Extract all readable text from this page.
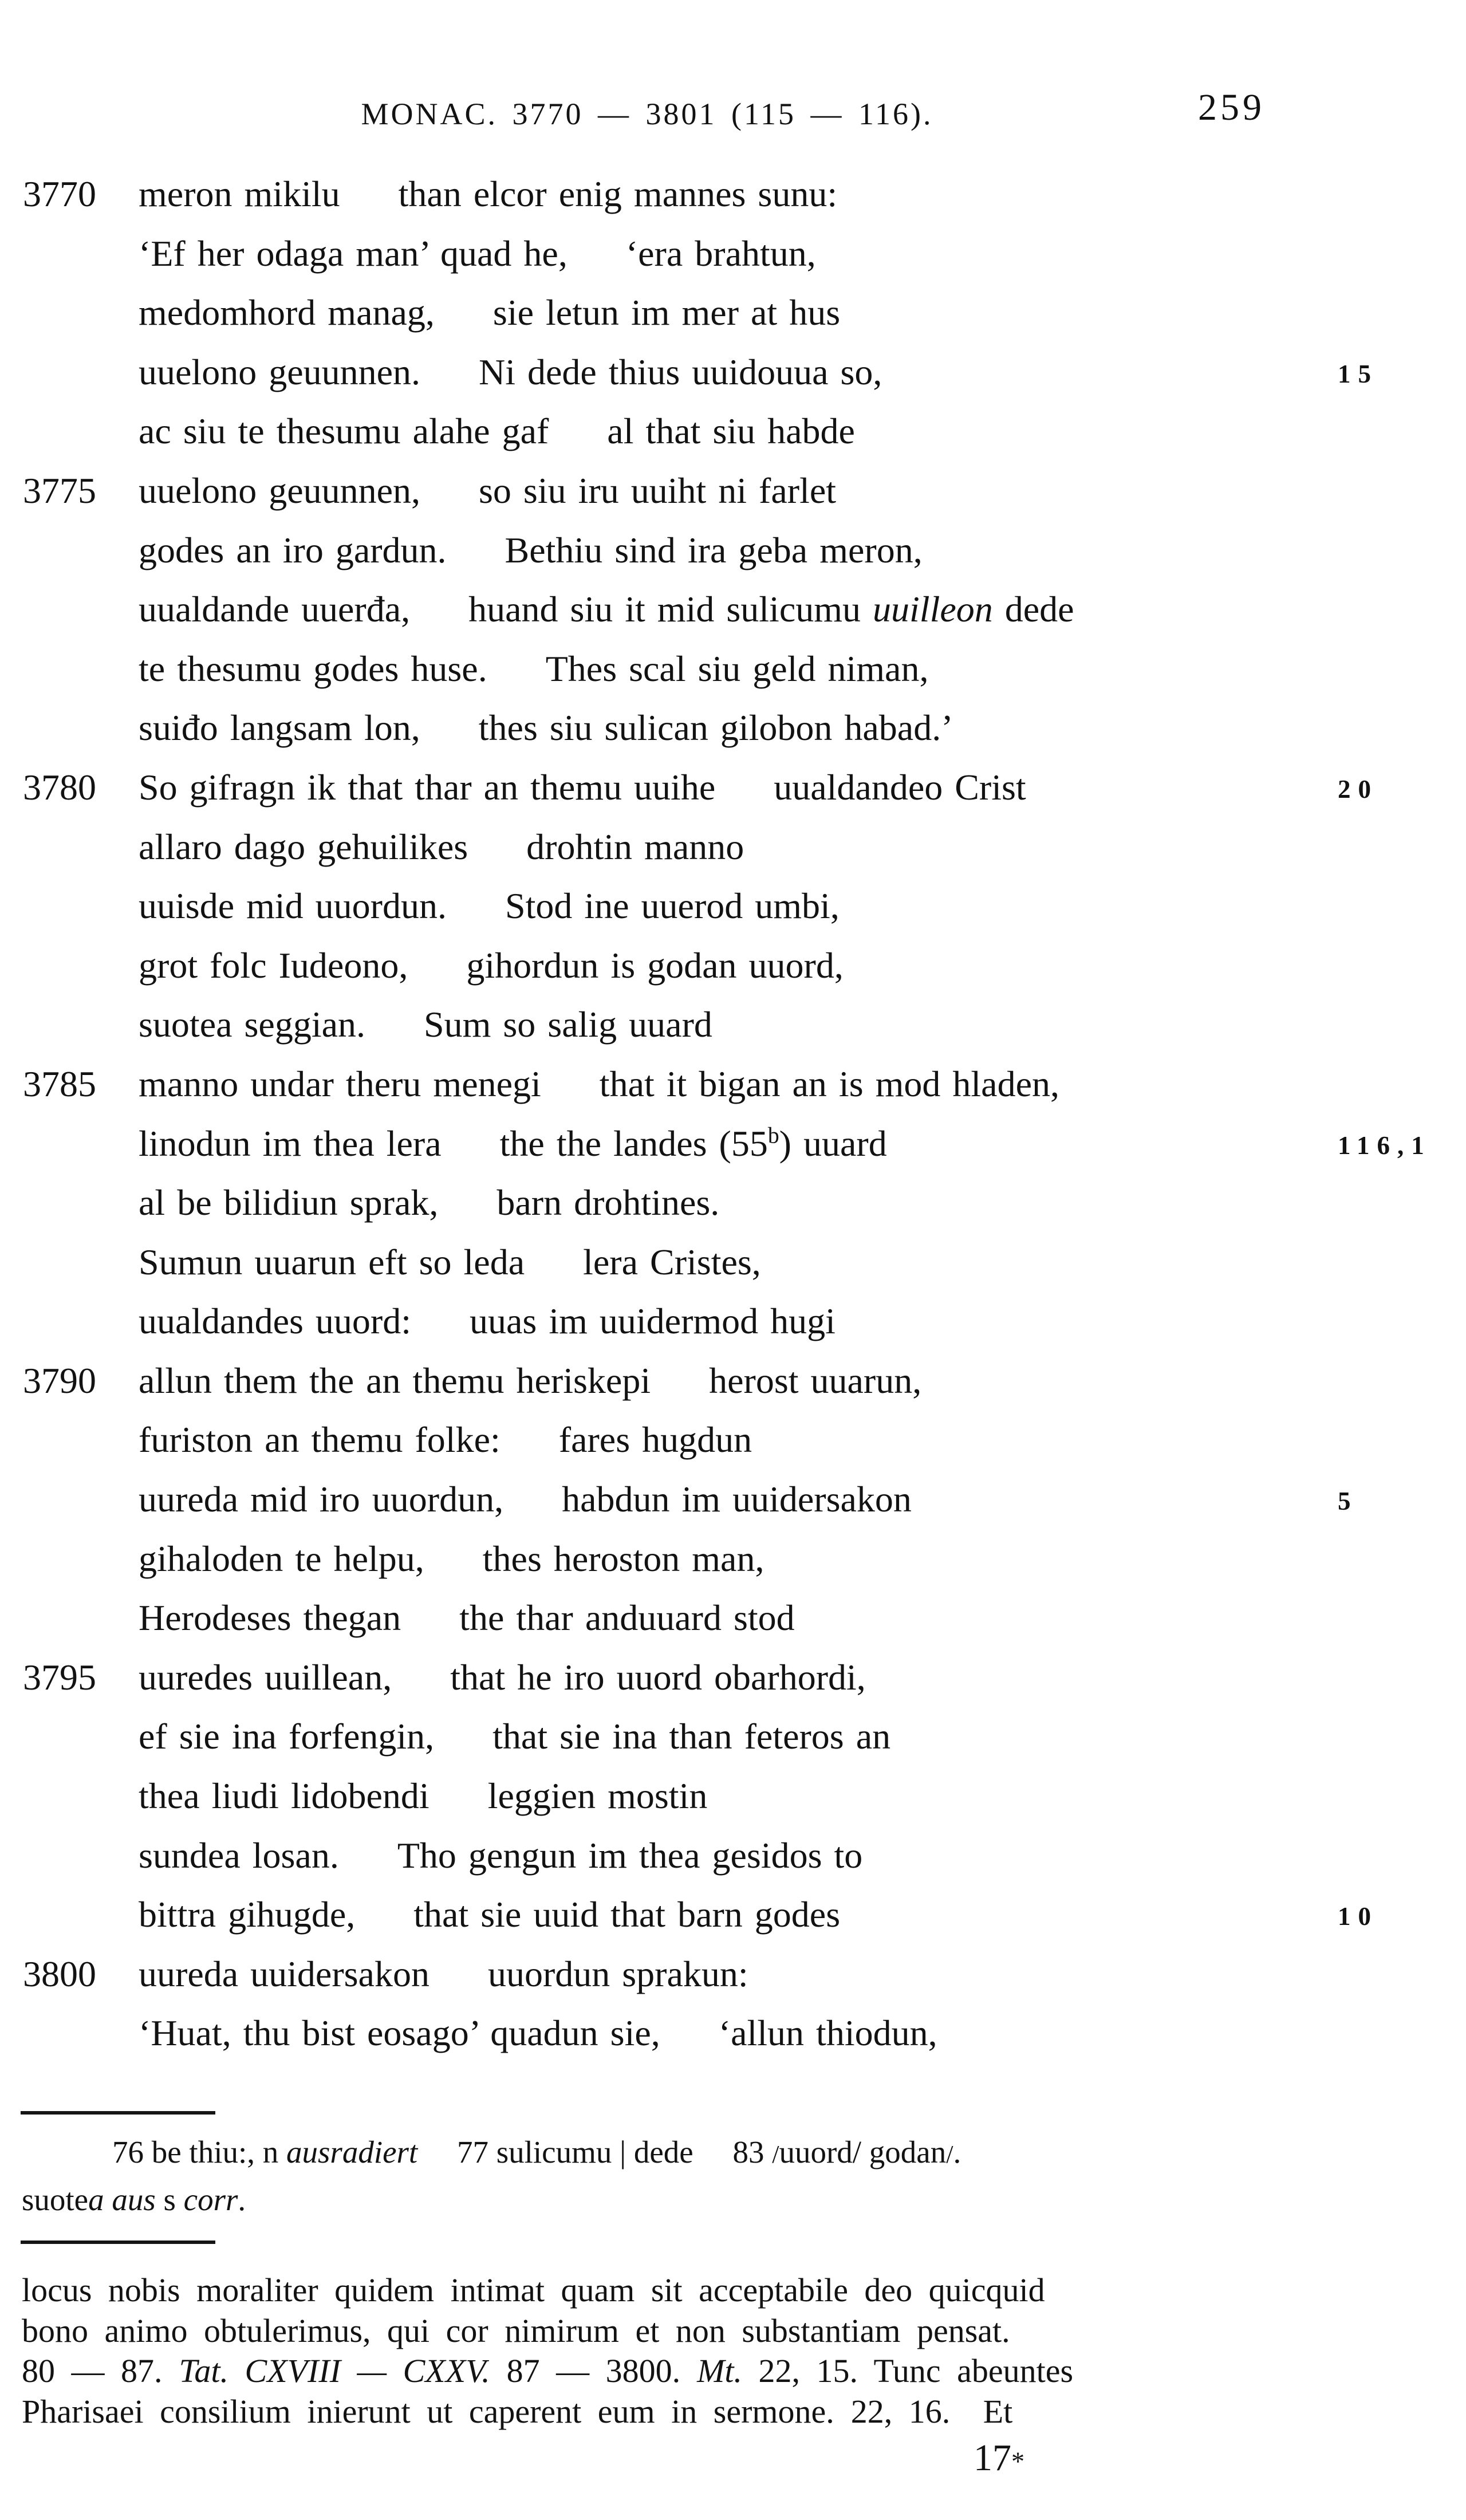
MONAC. 3770 — 3801 (115 — 116).	259
3770	meron mikilu than elcor enig mannes sunu:
‘Ef her odaga man’ quad he, ‘era brahtun,
medomhord manag, sie letun im mer at hus
uuelono geuunnen. Ni dede thius uuidouua so,	15
ac siu te thesumu alahe gaf al that siu habde
3775	uuelono geuunnen, so siu iru uuiht ni farlet
godes an iro gardun. Bethiu sind ira geba meron,
uualdande uuerđa, huand siu it mid sulicumu uuilleon dede
te thesumu godes huse. Thes scal siu geld niman,
suiđo langsam lon, thes siu sulican gilobon habad.’
3780	So gifragn ik that thar an themu uuihe uualdandeo Crist	20
allaro dago gehuilikes drohtin manno
uuisde mid uuordun. Stod ine uuerod umbi,
grot folc Iudeono, gihordun is godan uuord,
suotea seggian. Sum so salig uuard
3785	manno undar theru menegi that it bigan an is mod hladen,
linodun im thea lera the the landes (55$^b$) uuard	116,1
al be bilidiun sprak, barn drohtines.
Sumun uuarun eft so leda lera Cristes,
uualdandes uuord: uuas im uuidermod hugi
3790	allun them the an themu heriskepi herost uuarun,
furiston an themu folke: fares hugdun
uureda mid iro uuordun, habdun im uuidersakon	5
gihaloden te helpu, thes heroston man,
Herodeses thegan the thar anduuard stod
3795	uuredes uuillean, that he iro uuord obarhordi,
ef sie ina forfengin, that sie ina than feteros an
thea liudi lidobendi leggien mostin
sundea losan. Tho gengun im thea gesidos to
bittra gihugde, that sie uuid that barn godes	10
3800	uureda uuidersakon uuordun sprakun:
‘Huat, thu bist eosago’ quadun sie, ‘allun thiodun,
76 be thiu:, n ausradiert  77 sulicumu | dede  83 /uuord/ godan/.
suotea aus s corr.
locus nobis moraliter quidem intimat quam sit acceptabile deo quicquid
bono animo obtulerimus, qui cor nimirum et non substantiam pensat.
80 — 87. Tat. CXVIII — CXXV. 87 — 3800. Mt. 22, 15. Tunc abeuntes
Pharisaei consilium inierunt ut caperent eum in sermone. 22, 16.  Et
17*
